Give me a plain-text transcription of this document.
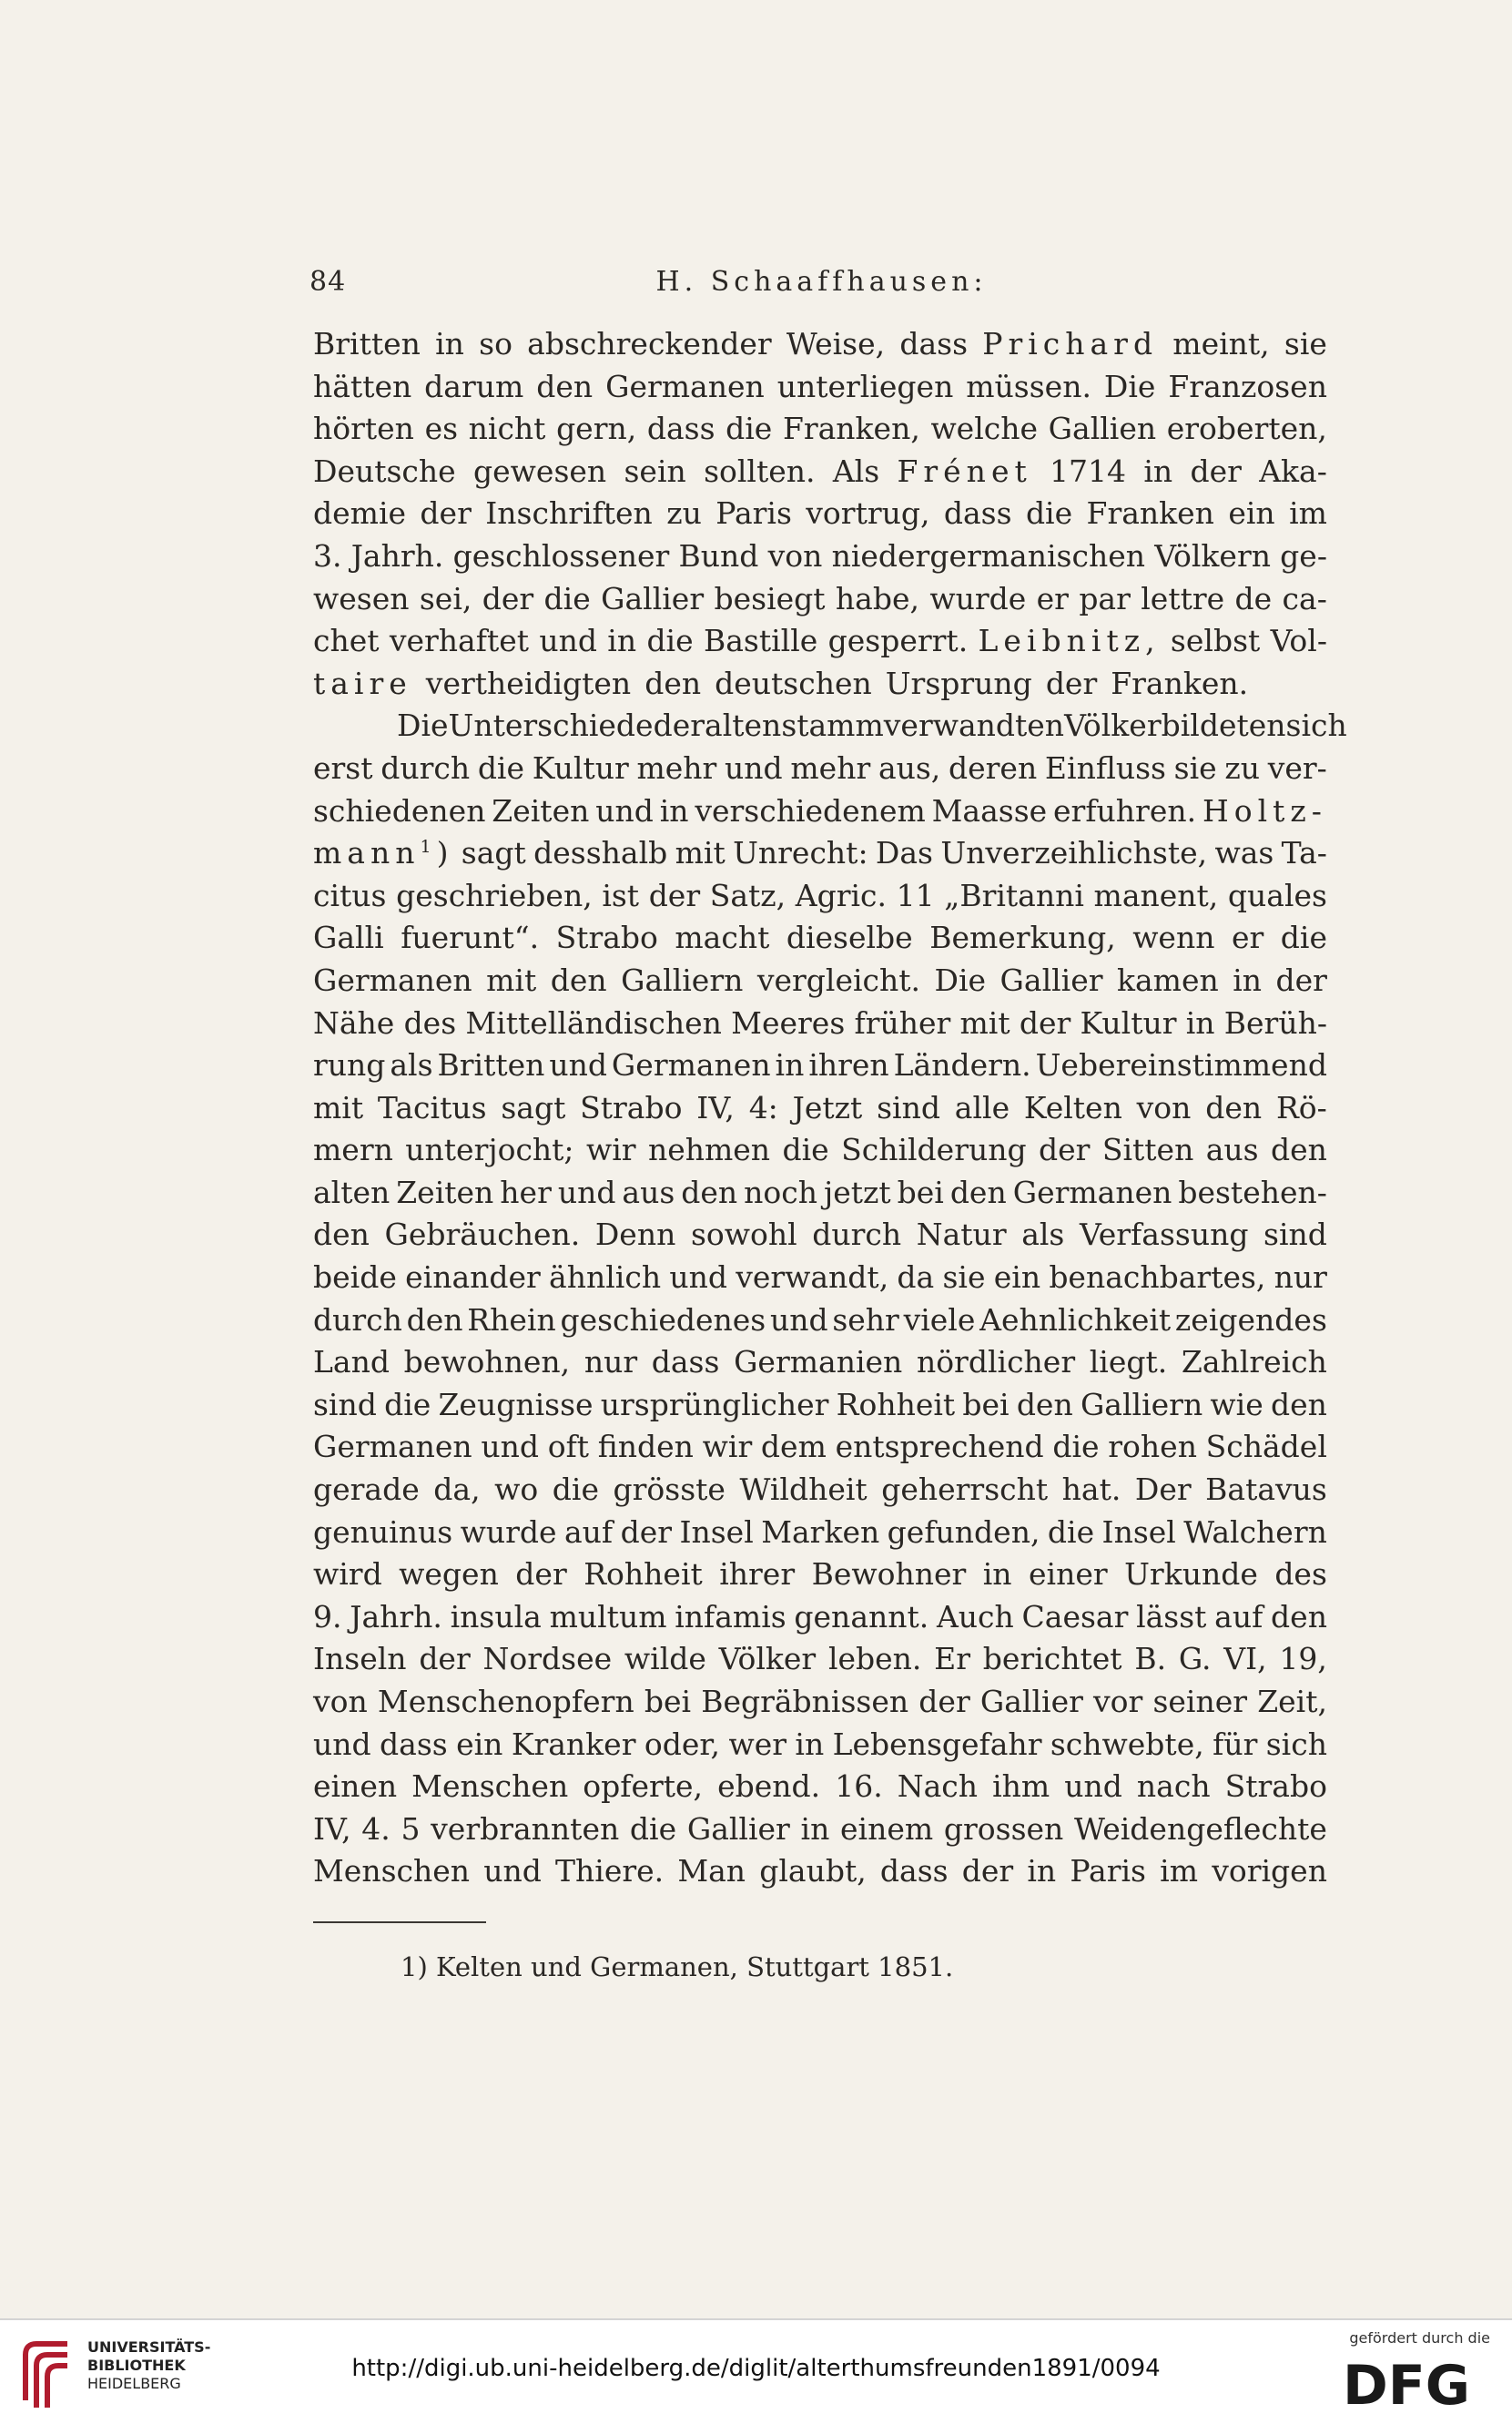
84	H. Schaaffhausen:
Britten in so abschreckender Weise, dass Prichard meint, sie
hätten darum den Germanen unterliegen müssen. Die Franzosen
hörten es nicht gern, dass die Franken, welche Gallien eroberten,
Deutsche gewesen sein sollten. Als Frénet 1714 in der Aka-
demie der Inschriften zu Paris vortrug, dass die Franken ein im
3. Jahrh. geschlossener Bund von niedergermanischen Völkern ge-
wesen sei, der die Gallier besiegt habe, wurde er par lettre de ca-
chet verhaftet und in die Bastille gesperrt. Leibnitz, selbst Vol-
taire vertheidigten den deutschen Ursprung der Franken.
Die Unterschiede der alten stammverwandten Völker bildeten sich
erst durch die Kultur mehr und mehr aus, deren Einfluss sie zu ver-
schiedenen Zeiten und in verschiedenem Maasse erfuhren. Holtz-
mann$^1$) sagt desshalb mit Unrecht: Das Unverzeihlichste, was Ta-
citus geschrieben, ist der Satz, Agric. 11 „Britanni manent, quales
Galli fuerunt“. Strabo macht dieselbe Bemerkung, wenn er die
Germanen mit den Galliern vergleicht. Die Gallier kamen in der
Nähe des Mittelländischen Meeres früher mit der Kultur in Berüh-
rung als Britten und Germanen in ihren Ländern. Uebereinstimmend
mit Tacitus sagt Strabo IV, 4: Jetzt sind alle Kelten von den Rö-
mern unterjocht; wir nehmen die Schilderung der Sitten aus den
alten Zeiten her und aus den noch jetzt bei den Germanen bestehen-
den Gebräuchen. Denn sowohl durch Natur als Verfassung sind
beide einander ähnlich und verwandt, da sie ein benachbartes, nur
durch den Rhein geschiedenes und sehr viele Aehnlichkeit zeigendes
Land bewohnen, nur dass Germanien nördlicher liegt. Zahlreich
sind die Zeugnisse ursprünglicher Rohheit bei den Galliern wie den
Germanen und oft finden wir dem entsprechend die rohen Schädel
gerade da, wo die grösste Wildheit geherrscht hat. Der Batavus
genuinus wurde auf der Insel Marken gefunden, die Insel Walchern
wird wegen der Rohheit ihrer Bewohner in einer Urkunde des
9. Jahrh. insula multum infamis genannt. Auch Caesar lässt auf den
Inseln der Nordsee wilde Völker leben. Er berichtet B. G. VI, 19,
von Menschenopfern bei Begräbnissen der Gallier vor seiner Zeit,
und dass ein Kranker oder, wer in Lebensgefahr schwebte, für sich
einen Menschen opferte, ebend. 16. Nach ihm und nach Strabo
IV, 4. 5 verbrannten die Gallier in einem grossen Weidengeflechte
Menschen und Thiere. Man glaubt, dass der in Paris im vorigen
1) Kelten und Germanen, Stuttgart 1851.
UNIVERSITÄTS-
BIBLIOTHEK
HEIDELBERG
http://digi.ub.uni-heidelberg.de/diglit/alterthumsfreunden1891/0094
gefördert durch die
DFG
